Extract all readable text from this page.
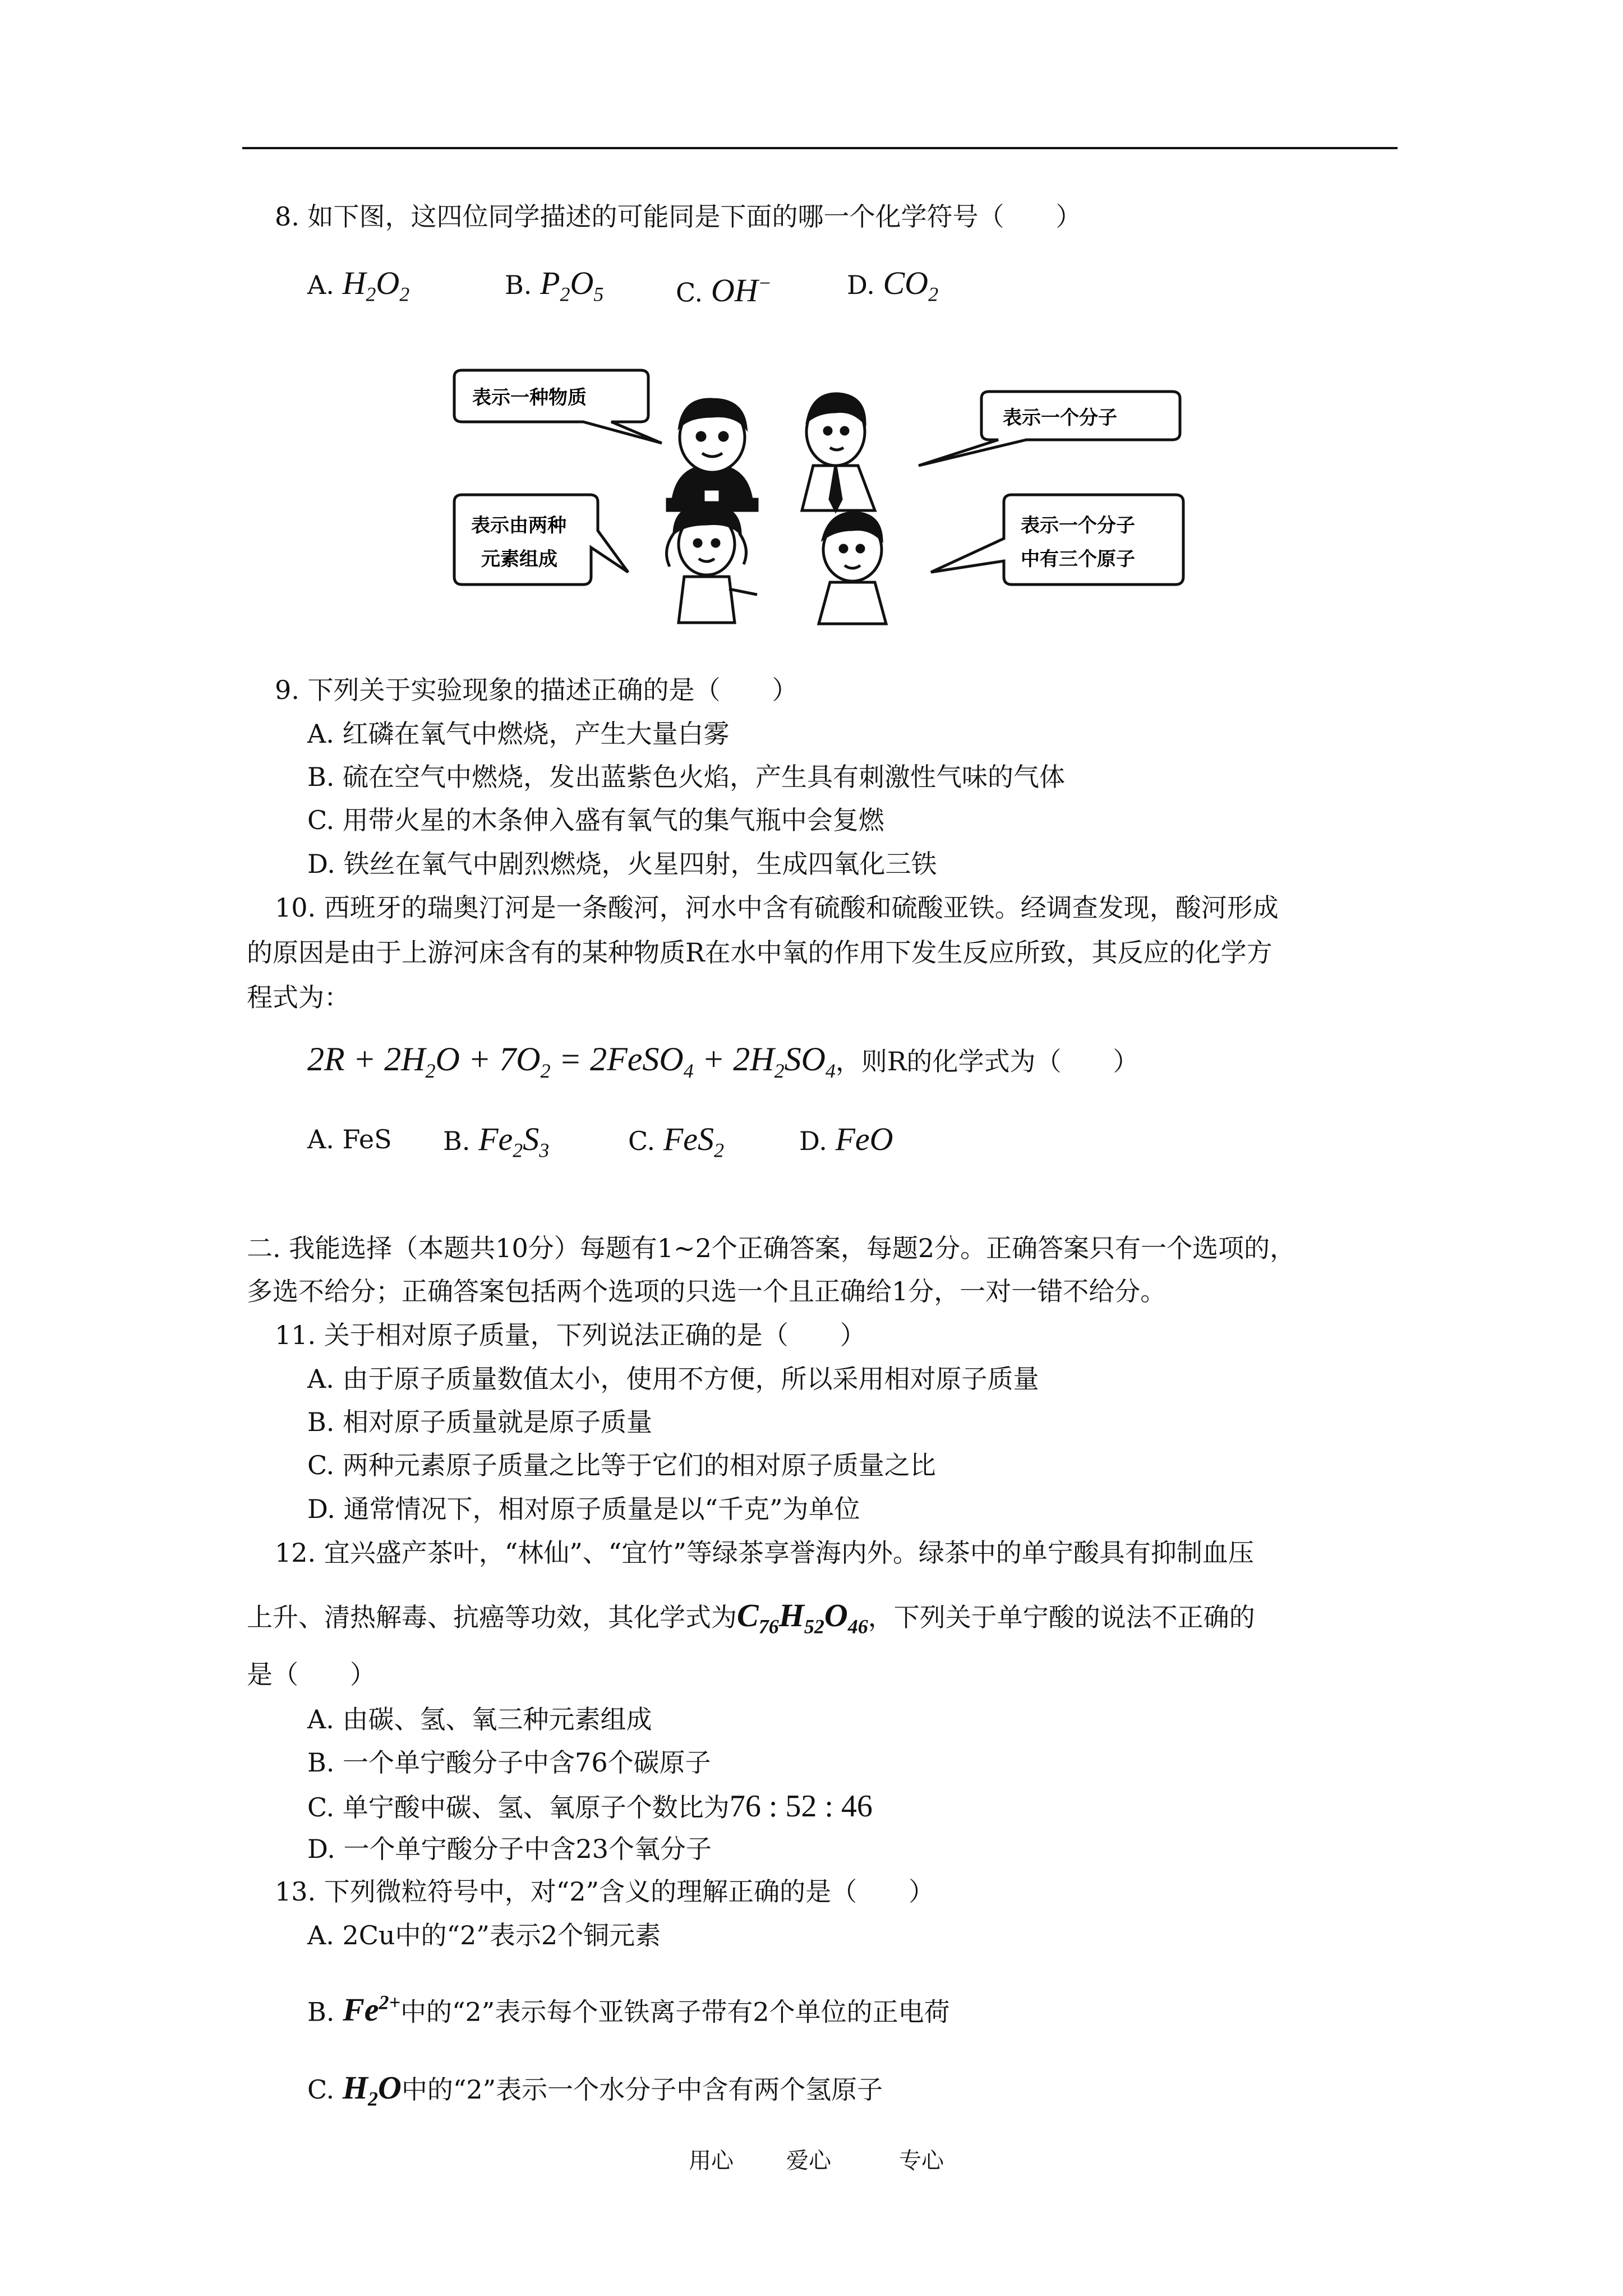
8. 如下图，这四位同学描述的可能同是下面的哪一个化学符号（　　）
A. $H_2O_2$	B. $P_2O_5$	C. OH−	D. $CO_2$
表示一种物质
表示一个分子
表示由两种
元素组成
表示一个分子
中有三个原子
9. 下列关于实验现象的描述正确的是（　　）
A. 红磷在氧气中燃烧，产生大量白雾
B. 硫在空气中燃烧，发出蓝紫色火焰，产生具有刺激性气味的气体
C. 用带火星的木条伸入盛有氧气的集气瓶中会复燃
D. 铁丝在氧气中剧烈燃烧，火星四射，生成四氧化三铁
10. 西班牙的瑞奥汀河是一条酸河，河水中含有硫酸和硫酸亚铁。经调查发现，酸河形成
的原因是由于上游河床含有的某种物质R在水中氧的作用下发生反应所致，其反应的化学方
程式为：
$2R + 2H_2O + 7O_2$ = 2FeSO$_4$ + $2H_2SO_4$，则R的化学式为（　　）
A. FeS B. $Fe_2S_3$	C. FeS$_2$	D. FeO
二. 我能选择（本题共10分）每题有1~2个正确答案，每题2分。正确答案只有一个选项的，
多选不给分；正确答案包括两个选项的只选一个且正确给1分，一对一错不给分。
11. 关于相对原子质量，下列说法正确的是（　　）
A. 由于原子质量数值太小，使用不方便，所以采用相对原子质量
B. 相对原子质量就是原子质量
C. 两种元素原子质量之比等于它们的相对原子质量之比
D. 通常情况下，相对原子质量是以“千克”为单位
12. 宜兴盛产茶叶，“林仙”、“宜竹”等绿茶享誉海内外。绿茶中的单宁酸具有抑制血压
上升、清热解毒、抗癌等功效，其化学式为$C_{76}H_{52}O_{46}$，下列关于单宁酸的说法不正确的
是（　　）
A. 由碳、氢、氧三种元素组成
B. 一个单宁酸分子中含76个碳原子
C. 单宁酸中碳、氢、氧原子个数比为76 : 52 : 46
D. 一个单宁酸分子中含23个氧分子
13. 下列微粒符号中，对“2”含义的理解正确的是（　　）
A. 2Cu中的“2”表示2个铜元素
B. $Fe^{2+}$中的“2”表示每个亚铁离子带有2个单位的正电荷
C. $H_2O$中的“2”表示一个水分子中含有两个氢原子
用心 爱心	专心
